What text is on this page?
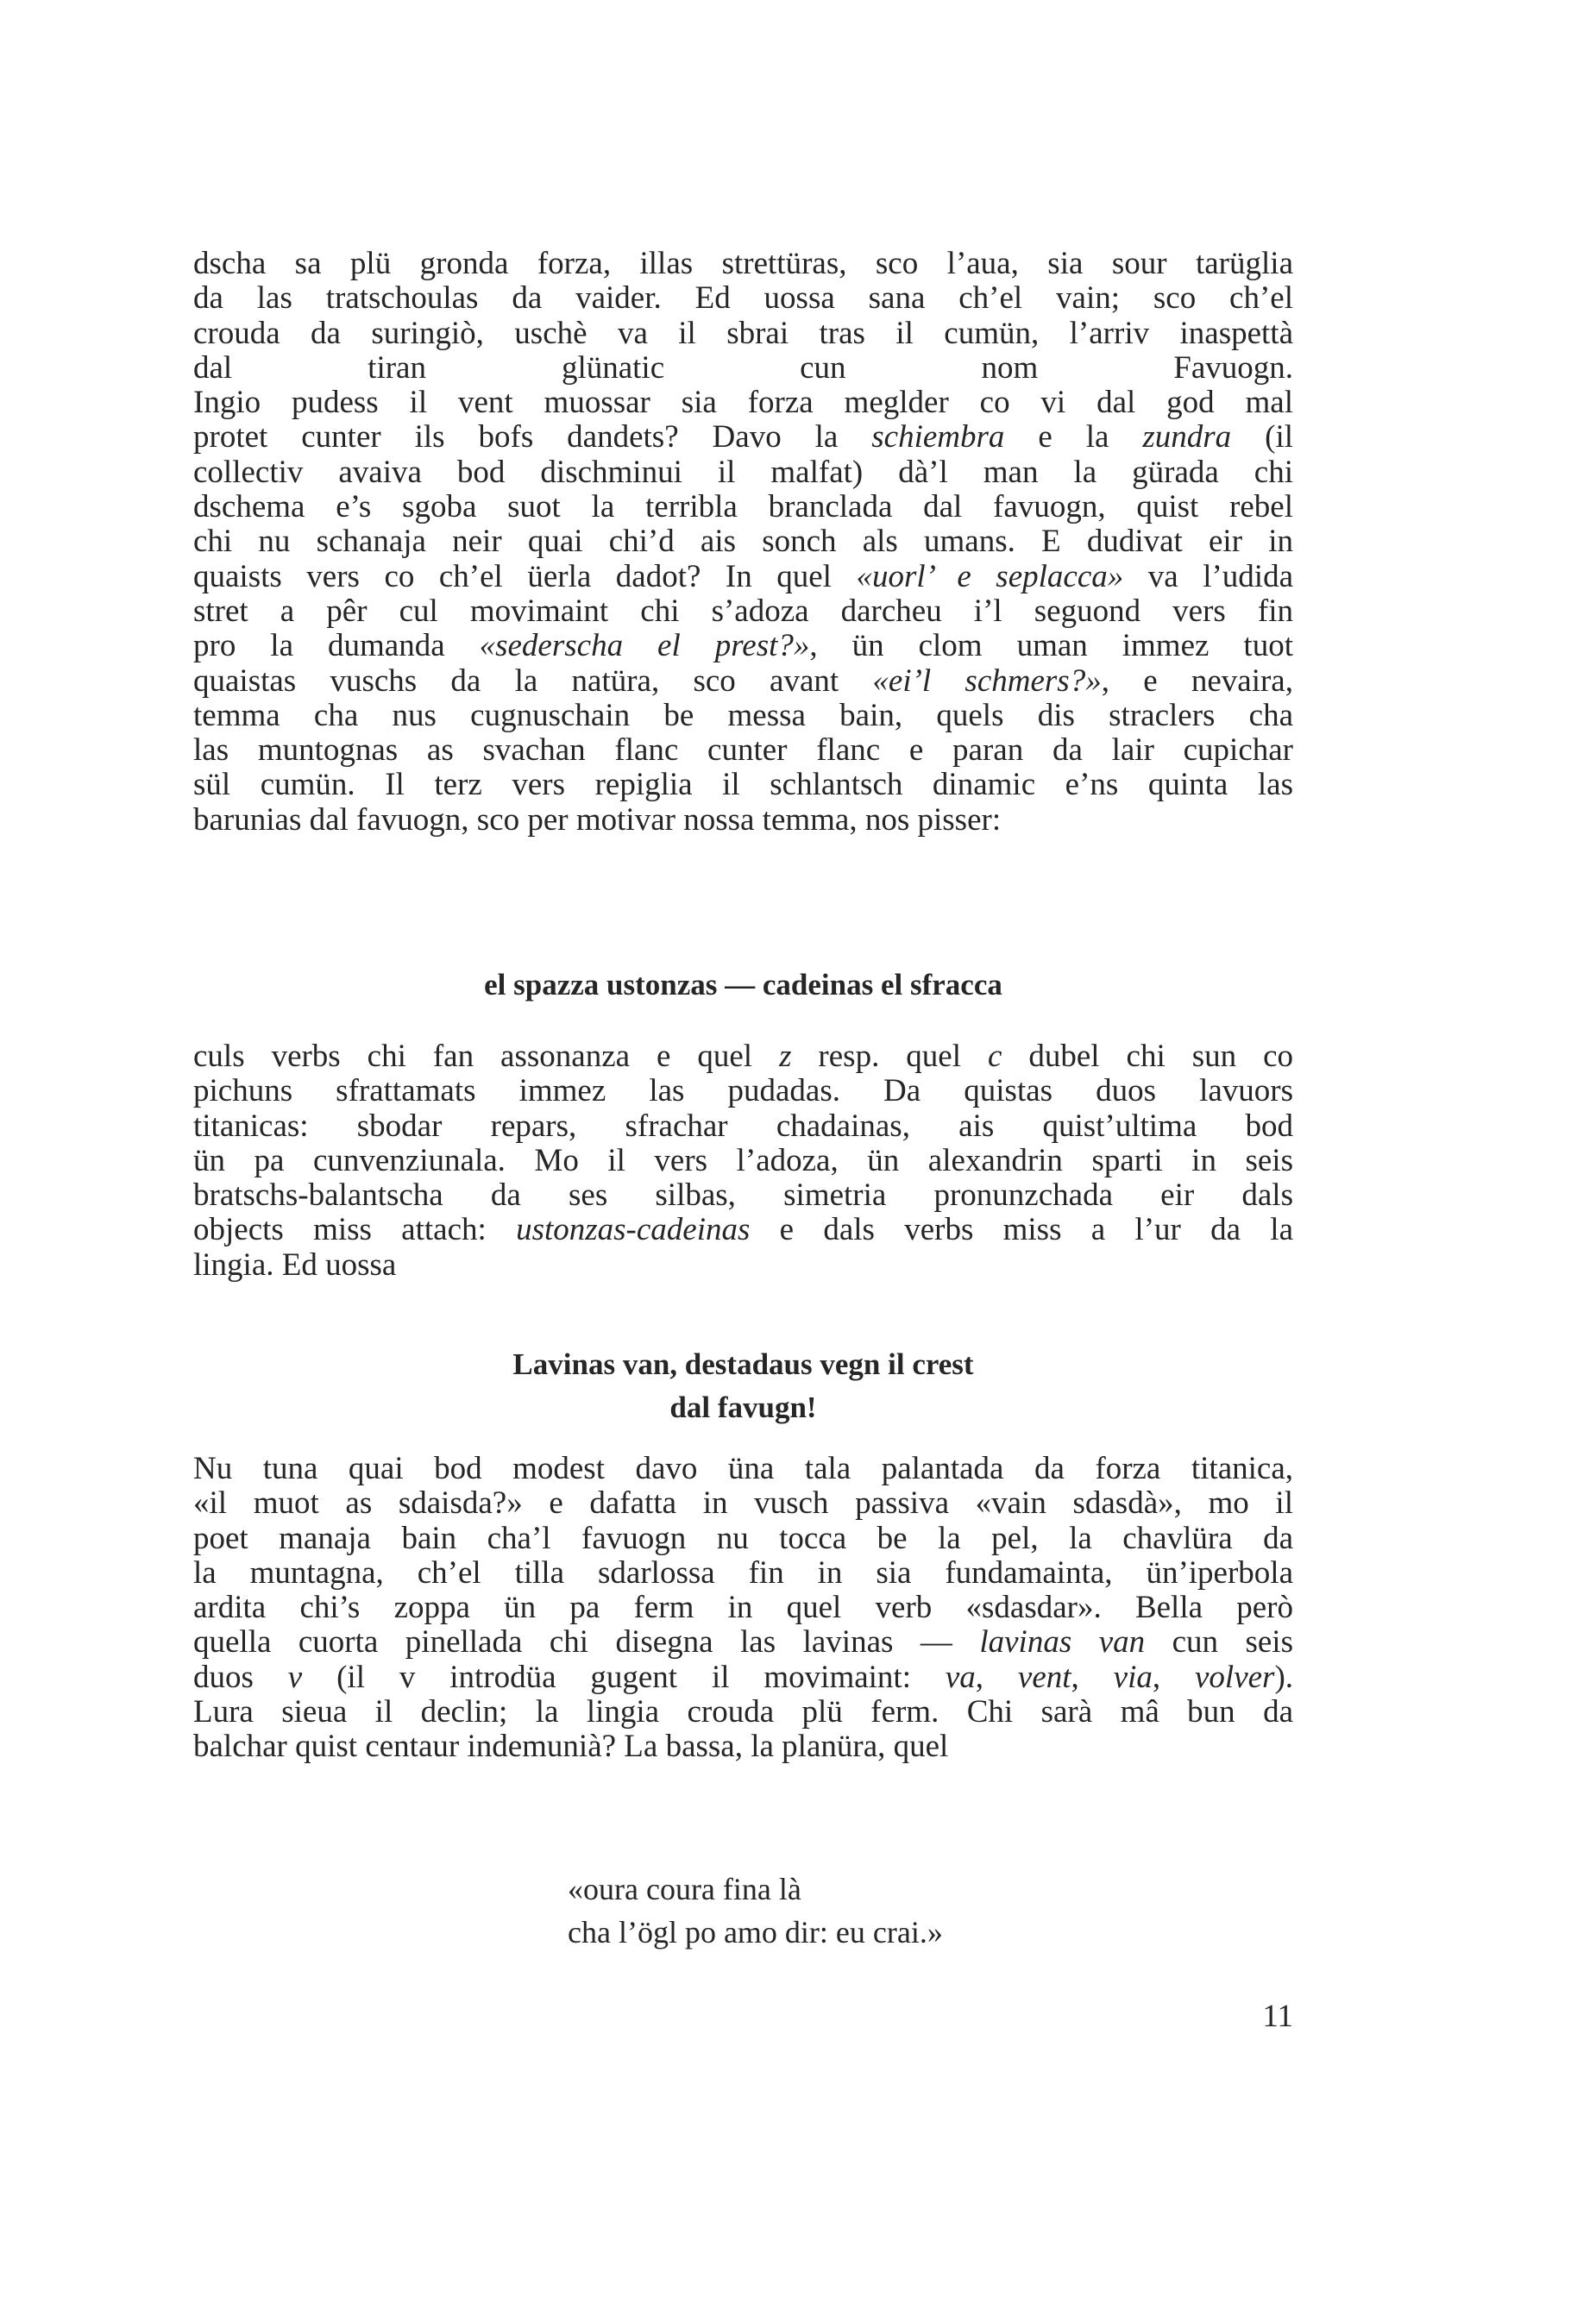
dscha sa plü gronda forza, illas strettüras, sco l’aua, sia sour tarüglia
da las tratschoulas da vaider. Ed uossa sana ch’el vain; sco ch’el
crouda da suringiò, uschè va il sbrai tras il cumün, l’arriv inaspettà
dal tiran glünatic cun nom Favuogn.
Ingio pudess il vent muossar sia forza meglder co vi dal god mal
protet cunter ils bofs dandets? Davo la schiembra e la zundra (il
collectiv avaiva bod dischminui il malfat) dà’l man la gürada chi
dschema e’s sgoba suot la terribla branclada dal favuogn, quist rebel
chi nu schanaja neir quai chi’d ais sonch als umans. E dudivat eir in
quaists vers co ch’el üerla dadot? In quel «uorl’ e seplacca» va l’udida
stret a pêr cul movimaint chi s’adoza darcheu i’l seguond vers fin
pro la dumanda «sederscha el prest?», ün clom uman immez tuot
quaistas vuschs da la natüra, sco avant «ei’l schmers?», e nevaira,
temma cha nus cugnuschain be messa bain, quels dis straclers cha
las muntognas as svachan flanc cunter flanc e paran da lair cupichar
sül cumün. Il terz vers repiglia il schlantsch dinamic e’ns quinta las
barunias dal favuogn, sco per motivar nossa temma, nos pisser:
el spazza ustonzas — cadeinas el sfracca
culs verbs chi fan assonanza e quel z resp. quel c dubel chi sun co
pichuns sfrattamats immez las pudadas. Da quistas duos lavuors
titanicas: sbodar repars, sfrachar chadainas, ais quist’ultima bod
ün pa cunvenziunala. Mo il vers l’adoza, ün alexandrin sparti in seis
bratschs-balantscha da ses silbas, simetria pronunzchada eir dals
objects miss attach: ustonzas-cadeinas e dals verbs miss a l’ur da la
lingia. Ed uossa
Lavinas van, destadaus vegn il crest
dal favugn!
Nu tuna quai bod modest davo üna tala palantada da forza titanica,
«il muot as sdaisda?» e dafatta in vusch passiva «vain sdasdà», mo il
poet manaja bain cha’l favuogn nu tocca be la pel, la chavlüra da
la muntagna, ch’el tilla sdarlossa fin in sia fundamainta, ün’iperbola
ardita chi’s zoppa ün pa ferm in quel verb «sdasdar». Bella però
quella cuorta pinellada chi disegna las lavinas — lavinas van cun seis
duos v (il v introdüa gugent il movimaint: va, vent, via, volver).
Lura sieua il declin; la lingia crouda plü ferm. Chi sarà mâ bun da
balchar quist centaur indemunià? La bassa, la planüra, quel
«oura coura fina là
cha l’ögl po amo dir: eu crai.»
11
